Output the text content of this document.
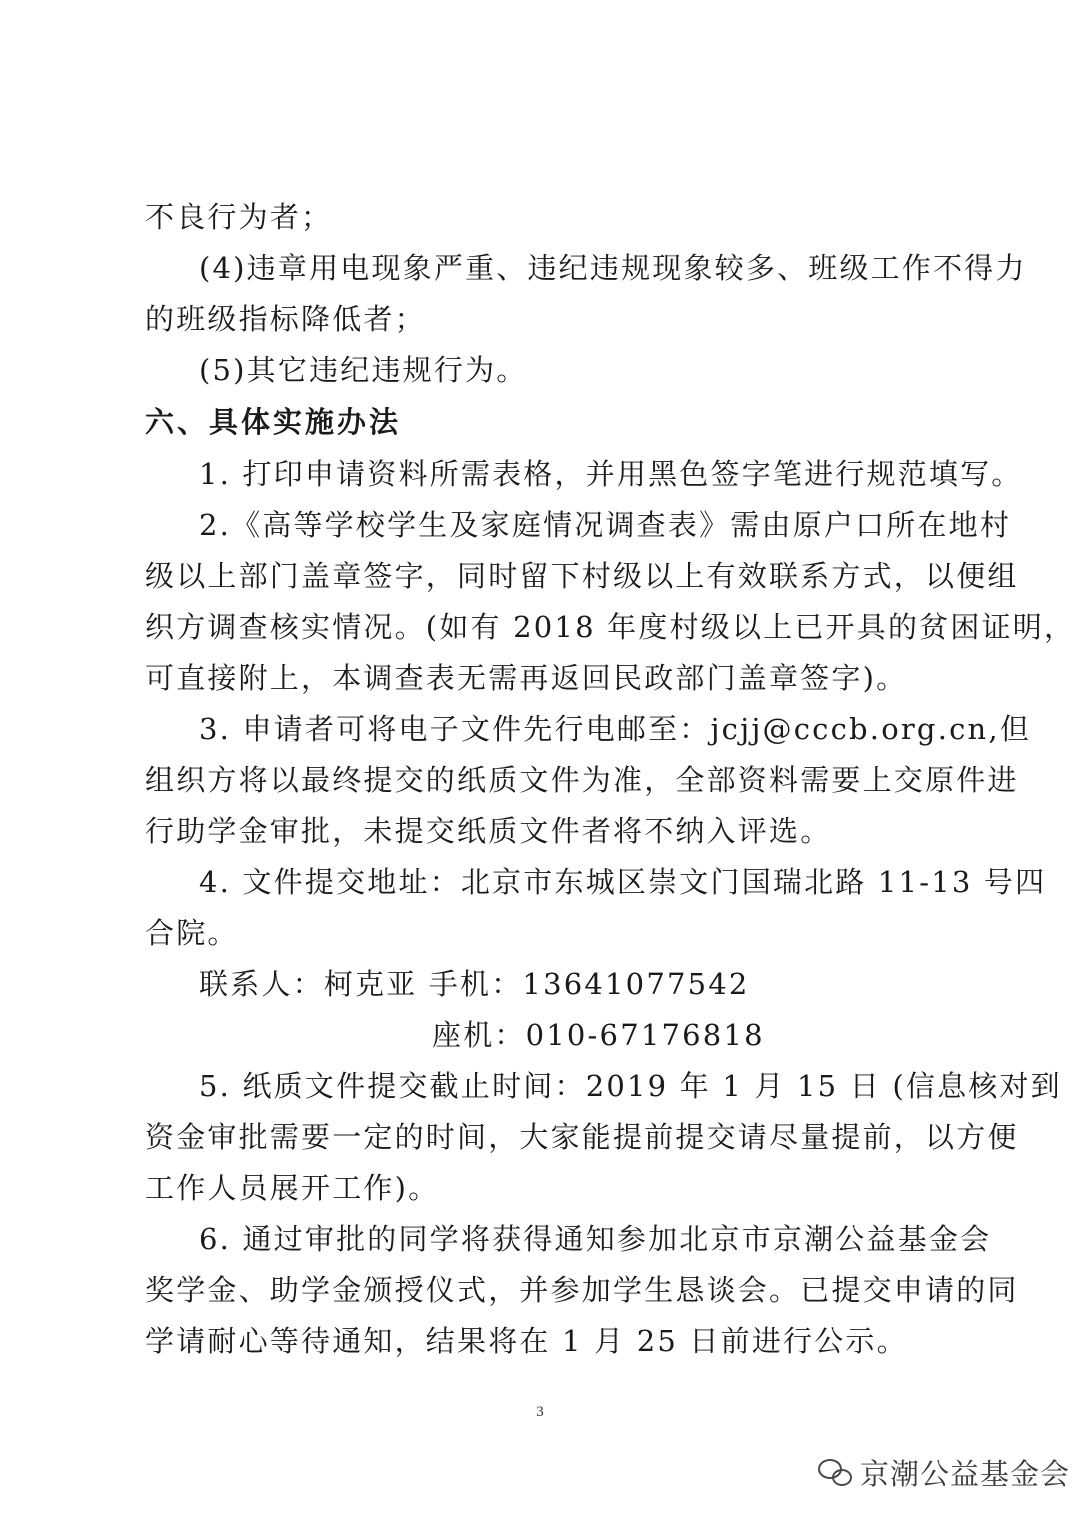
不良行为者；
(4)违章用电现象严重、违纪违规现象较多、班级工作不得力
的班级指标降低者；
(5)其它违纪违规行为。
六、具体实施办法
1. 打印申请资料所需表格，并用黑色签字笔进行规范填写。
2.《高等学校学生及家庭情况调查表》需由原户口所在地村
级以上部门盖章签字，同时留下村级以上有效联系方式，以便组
织方调查核实情况。(如有 2018 年度村级以上已开具的贫困证明，
可直接附上，本调查表无需再返回民政部门盖章签字)。
3. 申请者可将电子文件先行电邮至：jcjj@cccb.org.cn,但
组织方将以最终提交的纸质文件为准，全部资料需要上交原件进
行助学金审批，未提交纸质文件者将不纳入评选。
4. 文件提交地址：北京市东城区崇文门国瑞北路 11-13 号四
合院。
联系人：柯克亚 手机：13641077542
座机：010-67176818
5. 纸质文件提交截止时间：2019 年 1 月 15 日 (信息核对到
资金审批需要一定的时间，大家能提前提交请尽量提前，以方便
工作人员展开工作)。
6. 通过审批的同学将获得通知参加北京市京潮公益基金会
奖学金、助学金颁授仪式，并参加学生恳谈会。已提交申请的同
学请耐心等待通知，结果将在 1 月 25 日前进行公示。
3
京潮公益基金会
